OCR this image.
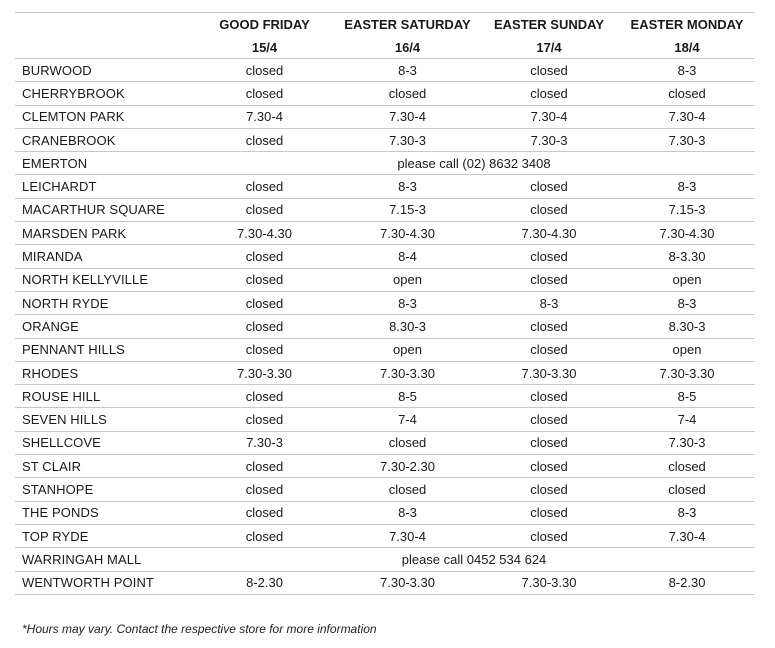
	GOOD FRIDAY	EASTER SATURDAY	EASTER SUNDAY	EASTER MONDAY
	15/4	16/4	17/4	18/4
BURWOOD	closed	8-3	closed	8-3
CHERRYBROOK	closed	closed	closed	closed
CLEMTON PARK	7.30-4	7.30-4	7.30-4	7.30-4
CRANEBROOK	closed	7.30-3	7.30-3	7.30-3
EMERTON	please call (02) 8632 3408			
LEICHARDT	closed	8-3	closed	8-3
MACARTHUR SQUARE	closed	7.15-3	closed	7.15-3
MARSDEN PARK	7.30-4.30	7.30-4.30	7.30-4.30	7.30-4.30
MIRANDA	closed	8-4	closed	8-3.30
NORTH KELLYVILLE	closed	open	closed	open
NORTH RYDE	closed	8-3	8-3	8-3
ORANGE	closed	8.30-3	closed	8.30-3
PENNANT HILLS	closed	open	closed	open
RHODES	7.30-3.30	7.30-3.30	7.30-3.30	7.30-3.30
ROUSE HILL	closed	8-5	closed	8-5
SEVEN HILLS	closed	7-4	closed	7-4
SHELLCOVE	7.30-3	closed	closed	7.30-3
ST CLAIR	closed	7.30-2.30	closed	closed
STANHOPE	closed	closed	closed	closed
THE PONDS	closed	8-3	closed	8-3
TOP RYDE	closed	7.30-4	closed	7.30-4
WARRINGAH MALL	please call 0452 534 624			
WENTWORTH POINT	8-2.30	7.30-3.30	7.30-3.30	8-2.30
*Hours may vary. Contact the respective store for more information
